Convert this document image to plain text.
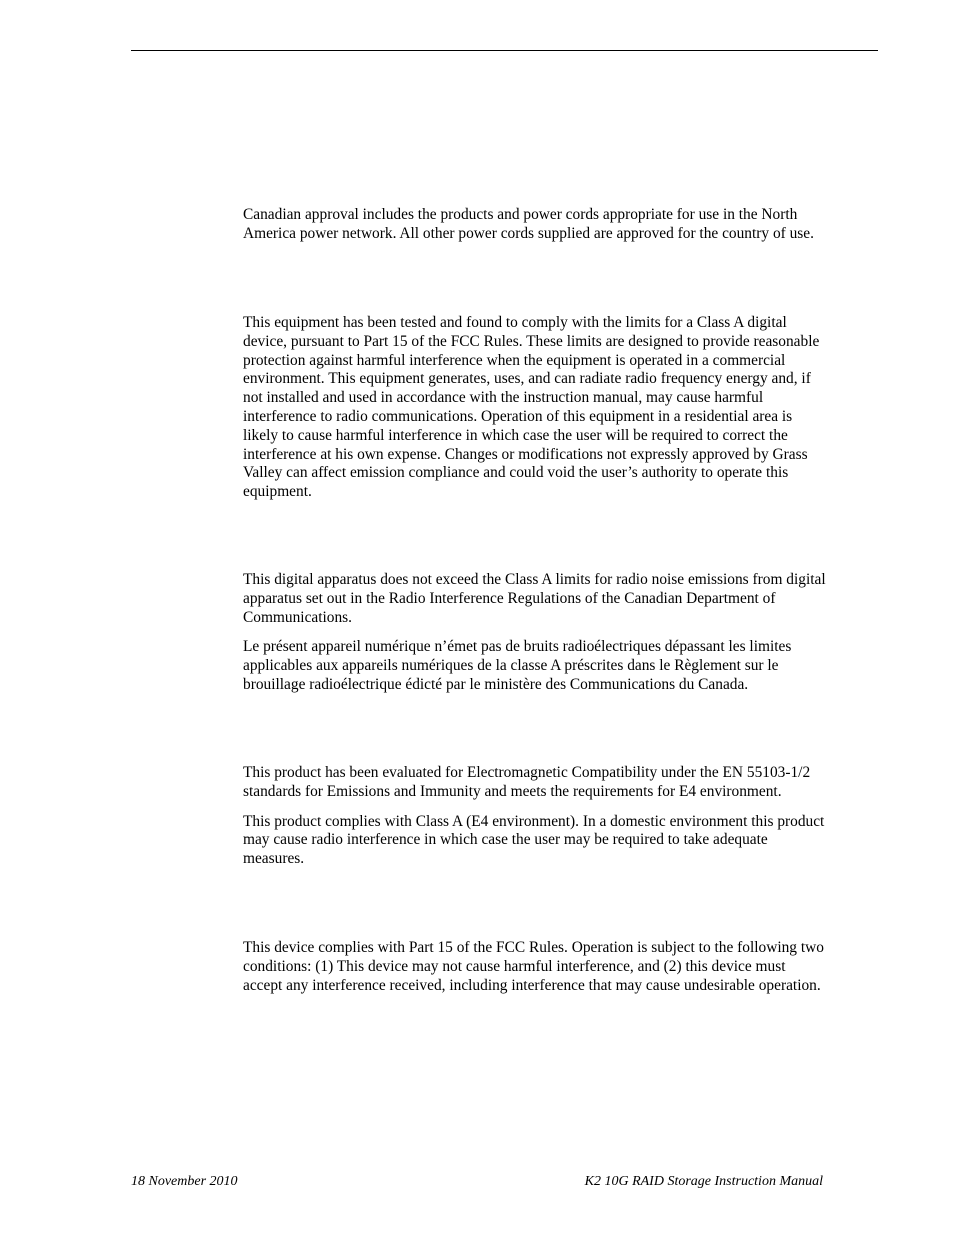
Canadian approval includes the products and power cords appropriate for use in the North America power network. All other power cords supplied are approved for the country of use.

This equipment has been tested and found to comply with the limits for a Class A digital device, pursuant to Part 15 of the FCC Rules. These limits are designed to provide reasonable protection against harmful interference when the equipment is operated in a commercial environment. This equipment generates, uses, and can radiate radio frequency energy and, if not installed and used in accordance with the instruction manual, may cause harmful interference to radio communications. Operation of this equipment in a residential area is likely to cause harmful interference in which case the user will be required to correct the interference at his own expense. Changes or modifications not expressly approved by Grass Valley can affect emission compliance and could void the user’s authority to operate this equipment.

This digital apparatus does not exceed the Class A limits for radio noise emissions from digital apparatus set out in the Radio Interference Regulations of the Canadian Department of Communications.

Le présent appareil numérique n’émet pas de bruits radioélectriques dépassant les limites applicables aux appareils numériques de la classe A préscrites dans le Règlement sur le brouillage radioélectrique édicté par le ministère des Communications du Canada.

This product has been evaluated for Electromagnetic Compatibility under the EN 55103-1/2 standards for Emissions and Immunity and meets the requirements for E4 environment.

This product complies with Class A (E4 environment). In a domestic environment this product may cause radio interference in which case the user may be required to take adequate measures.

This device complies with Part 15 of the FCC Rules. Operation is subject to the following two conditions: (1) This device may not cause harmful interference, and (2) this device must accept any interference received, including interference that may cause undesirable operation.

18 November 2010	K2 10G RAID Storage Instruction Manual
